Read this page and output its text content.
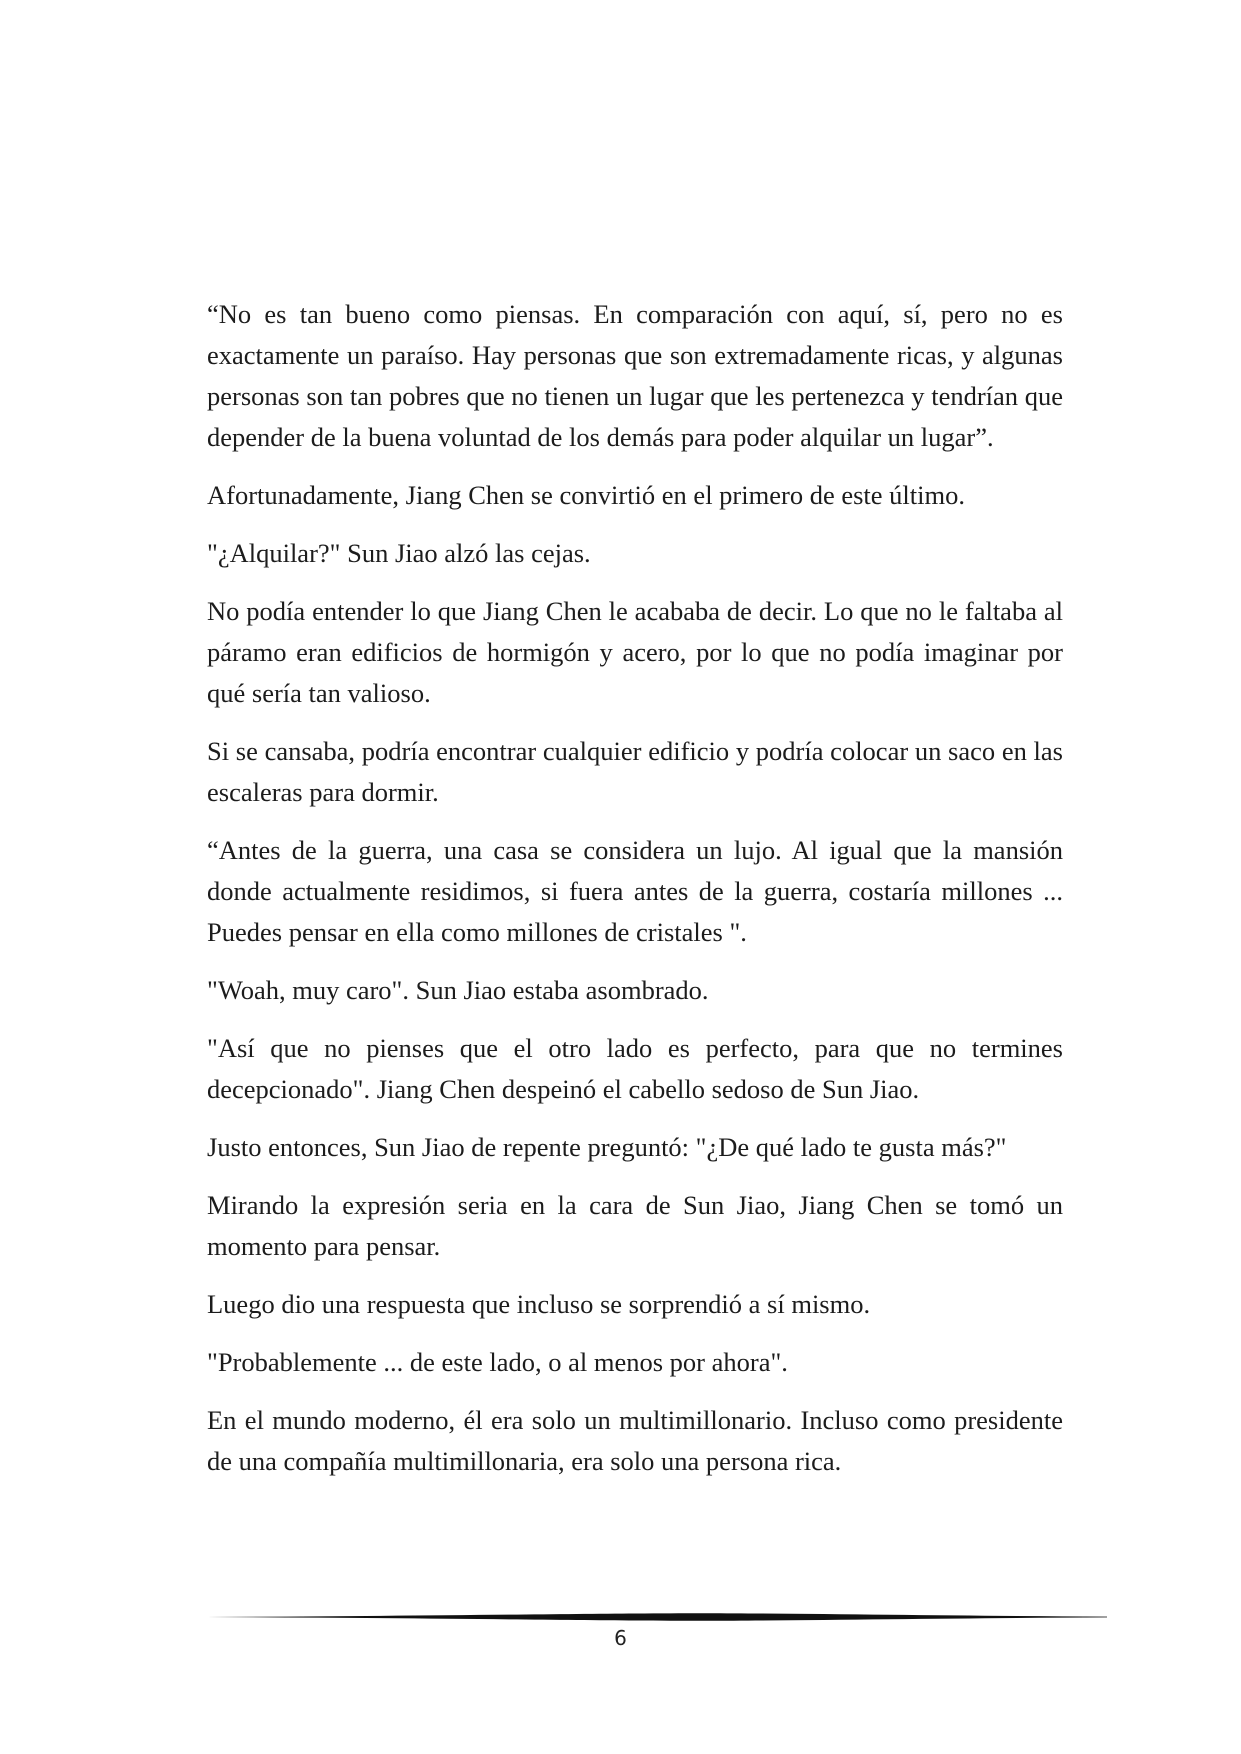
“No es tan bueno como piensas. En comparación con aquí, sí, pero no es exactamente un paraíso. Hay personas que son extremadamente ricas, y algunas personas son tan pobres que no tienen un lugar que les pertenezca y tendrían que depender de la buena voluntad de los demás para poder alquilar un lugar”.

Afortunadamente, Jiang Chen se convirtió en el primero de este último.

"¿Alquilar?" Sun Jiao alzó las cejas.

No podía entender lo que Jiang Chen le acababa de decir. Lo que no le faltaba al páramo eran edificios de hormigón y acero, por lo que no podía imaginar por qué sería tan valioso.

Si se cansaba, podría encontrar cualquier edificio y podría colocar un saco en las escaleras para dormir.

“Antes de la guerra, una casa se considera un lujo. Al igual que la mansión donde actualmente residimos, si fuera antes de la guerra, costaría millones ... Puedes pensar en ella como millones de cristales ".

"Woah, muy caro". Sun Jiao estaba asombrado.

"Así que no pienses que el otro lado es perfecto, para que no termines decepcionado". Jiang Chen despeinó el cabello sedoso de Sun Jiao.

Justo entonces, Sun Jiao de repente preguntó: "¿De qué lado te gusta más?"

Mirando la expresión seria en la cara de Sun Jiao, Jiang Chen se tomó un momento para pensar.

Luego dio una respuesta que incluso se sorprendió a sí mismo.

"Probablemente ... de este lado, o al menos por ahora".

En el mundo moderno, él era solo un multimillonario. Incluso como presidente de una compañía multimillonaria, era solo una persona rica.

6
